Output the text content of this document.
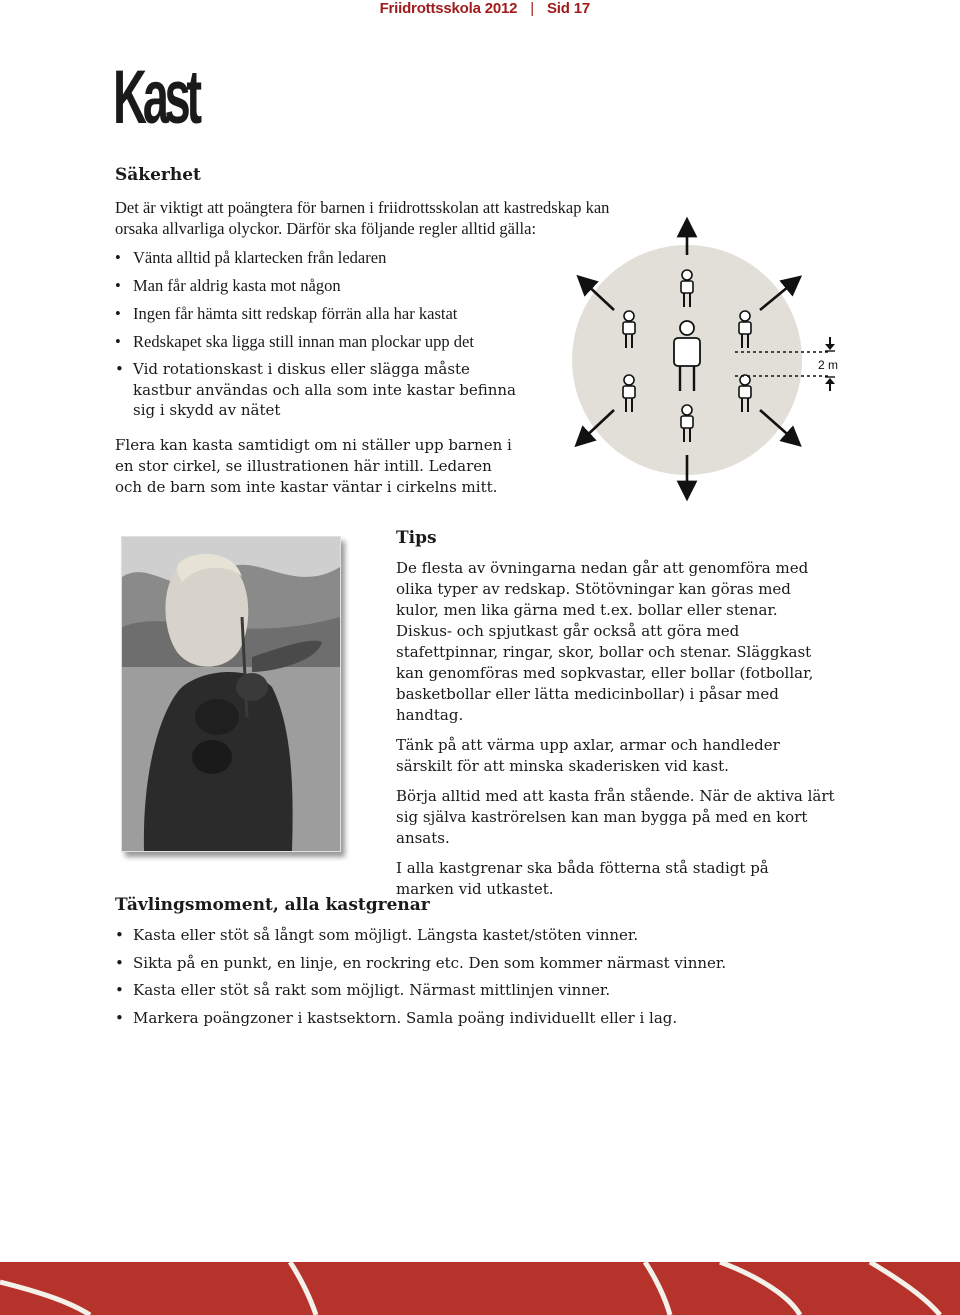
Friidrottsskola 2012 | Sid 17
Kast
Säkerhet

Det är viktigt att poängtera för barnen i friidrottsskolan att kastredskap kan orsaka allvarliga olyckor. Därför ska följande regler alltid gälla:

• Vänta alltid på klartecken från ledaren
• Man får aldrig kasta mot någon
• Ingen får hämta sitt redskap förrän alla har kastat
• Redskapet ska ligga still innan man plockar upp det
• Vid rotationskast i diskus eller slägga måste kastbur användas och alla som inte kastar befinna sig i skydd av nätet

Flera kan kasta samtidigt om ni ställer upp barnen i en stor cirkel, se illustrationen här intill. Ledaren och de barn som inte kastar väntar i cirkelns mitt.

2 m
Tips

De flesta av övningarna nedan går att genomföra med olika typer av redskap. Stötövningar kan göras med kulor, men lika gärna med t.ex. bollar eller stenar. Diskus- och spjutkast går också att göra med stafettpinnar, ringar, skor, bollar och stenar. Släggkast kan genomföras med sopkvastar, eller bollar (fotbollar, basketbollar eller lätta medicinbollar) i påsar med handtag.

Tänk på att värma upp axlar, armar och handleder särskilt för att minska skaderisken vid kast.

Börja alltid med att kasta från stående. När de aktiva lärt sig själva kaströrelsen kan man bygga på med en kort ansats.

I alla kastgrenar ska båda fötterna stå stadigt på marken vid utkastet.

Tävlingsmoment, alla kastgrenar
• Kasta eller stöt så långt som möjligt. Längsta kastet/stöten vinner.
• Sikta på en punkt, en linje, en rockring etc. Den som kommer närmast vinner.
• Kasta eller stöt så rakt som möjligt. Närmast mittlinjen vinner.
• Markera poängzoner i kastsektorn. Samla poäng individuellt eller i lag.
